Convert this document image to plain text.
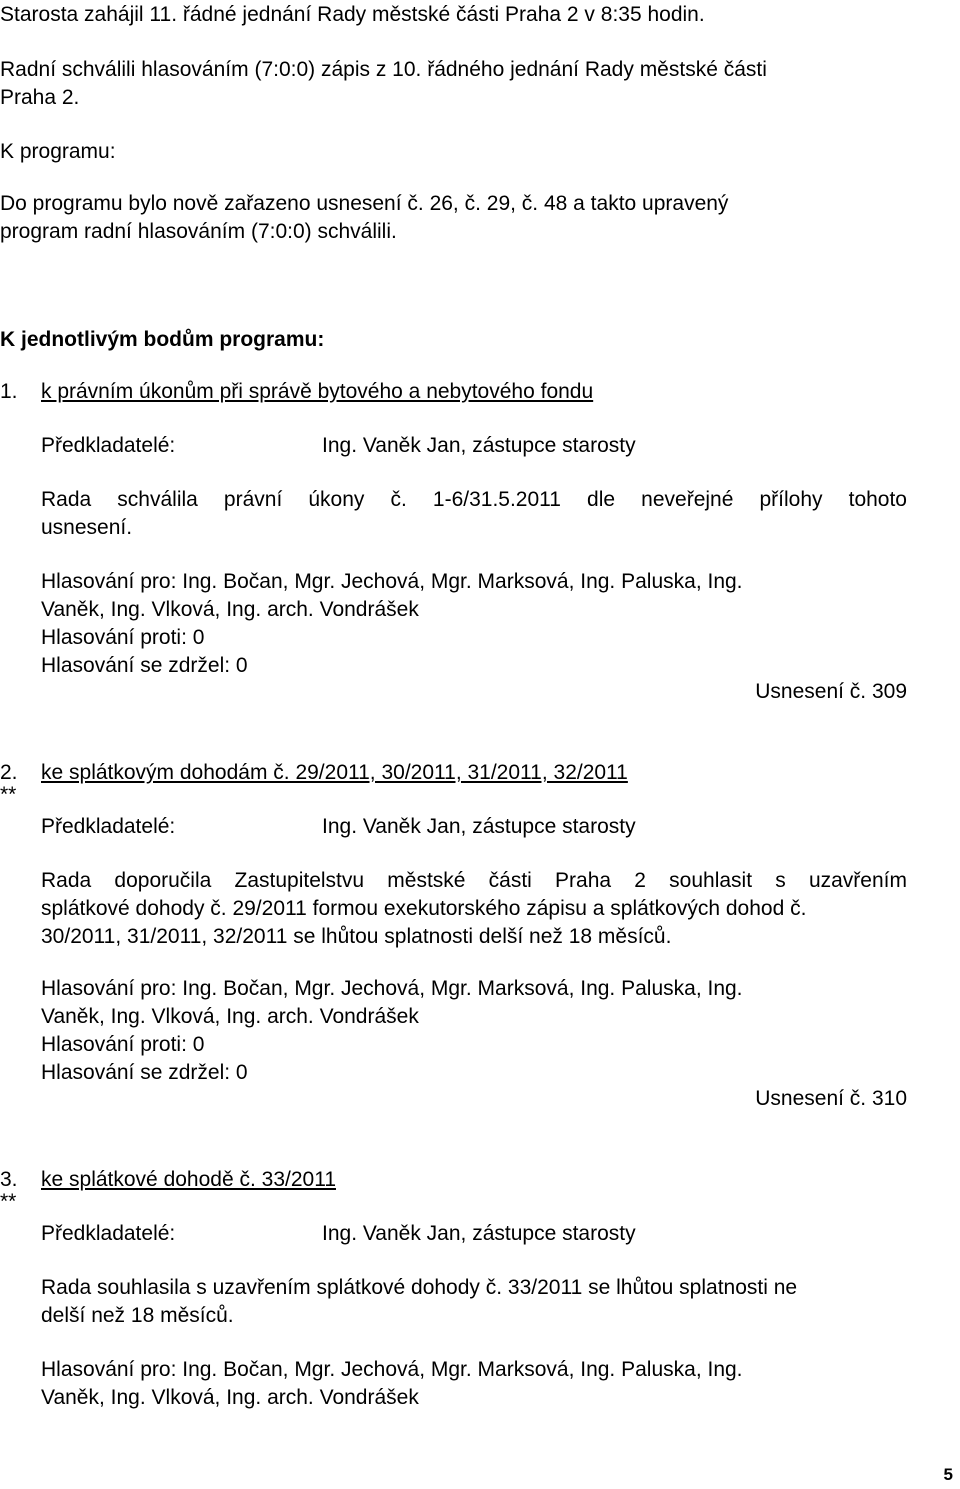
Starosta zahájil 11. řádné jednání Rady městské části Praha 2 v 8:35 hodin.

Radní schválili hlasováním (7:0:0) zápis z 10. řádného jednání Rady městské části

Praha 2.

K programu:

Do programu bylo nově zařazeno usnesení č. 26, č. 29, č. 48 a takto upravený

program radní hlasováním (7:0:0) schválili.

K jednotlivým bodům programu:

1. k právním úkonům při správě bytového a nebytového fondu

Předkladatelé:	Ing. Vaněk Jan, zástupce starosty

Rada schválila právní úkony č. 1-6/31.5.2011 dle neveřejné přílohy tohoto

usnesení.

Hlasování pro: Ing. Bočan, Mgr. Jechová, Mgr. Marksová, Ing. Paluska, Ing.

Vaněk, Ing. Vlková, Ing. arch. Vondrášek

Hlasování proti: 0

Hlasování se zdržel: 0

Usnesení č. 309

2.
**

ke splátkovým dohodám č. 29/2011, 30/2011, 31/2011, 32/2011

Předkladatelé:	Ing. Vaněk Jan, zástupce starosty

Rada doporučila Zastupitelstvu městské části Praha 2 souhlasit s uzavřením

splátkové dohody č. 29/2011 formou exekutorského zápisu a splátkových dohod č.

30/2011, 31/2011, 32/2011 se lhůtou splatnosti delší než 18 měsíců.

Hlasování pro: Ing. Bočan, Mgr. Jechová, Mgr. Marksová, Ing. Paluska, Ing.

Vaněk, Ing. Vlková, Ing. arch. Vondrášek

Hlasování proti: 0

Hlasování se zdržel: 0

Usnesení č. 310

3.
**

ke splátkové dohodě č. 33/2011

Předkladatelé:	Ing. Vaněk Jan, zástupce starosty

Rada souhlasila s uzavřením splátkové dohody č. 33/2011 se lhůtou splatnosti ne

delší než 18 měsíců.

Hlasování pro: Ing. Bočan, Mgr. Jechová, Mgr. Marksová, Ing. Paluska, Ing.

Vaněk, Ing. Vlková, Ing. arch. Vondrášek

5
